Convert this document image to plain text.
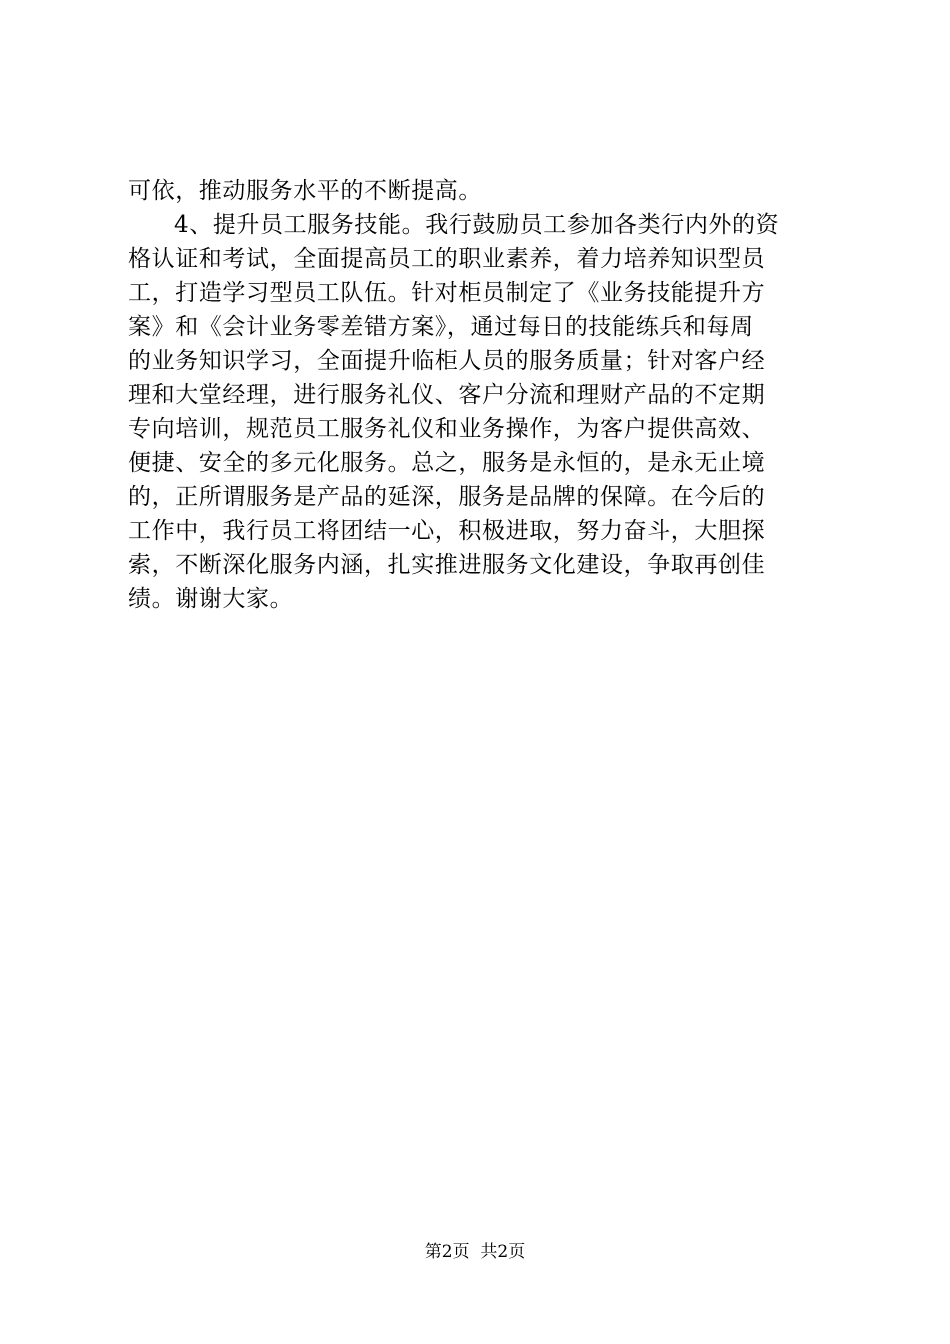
可依，推动服务水平的不断提高。
4、提升员工服务技能。我行鼓励员工参加各类行内外的资
格认证和考试，全面提高员工的职业素养，着力培养知识型员
工，打造学习型员工队伍。针对柜员制定了《业务技能提升方
案》和《会计业务零差错方案》，通过每日的技能练兵和每周
的业务知识学习，全面提升临柜人员的服务质量；针对客户经
理和大堂经理，进行服务礼仪、客户分流和理财产品的不定期
专向培训，规范员工服务礼仪和业务操作，为客户提供高效、
便捷、安全的多元化服务。总之，服务是永恒的，是永无止境
的，正所谓服务是产品的延深，服务是品牌的保障。在今后的
工作中，我行员工将团结一心，积极进取，努力奋斗，大胆探
索，不断深化服务内涵，扎实推进服务文化建设，争取再创佳
绩。谢谢大家。
第2页  共2页
